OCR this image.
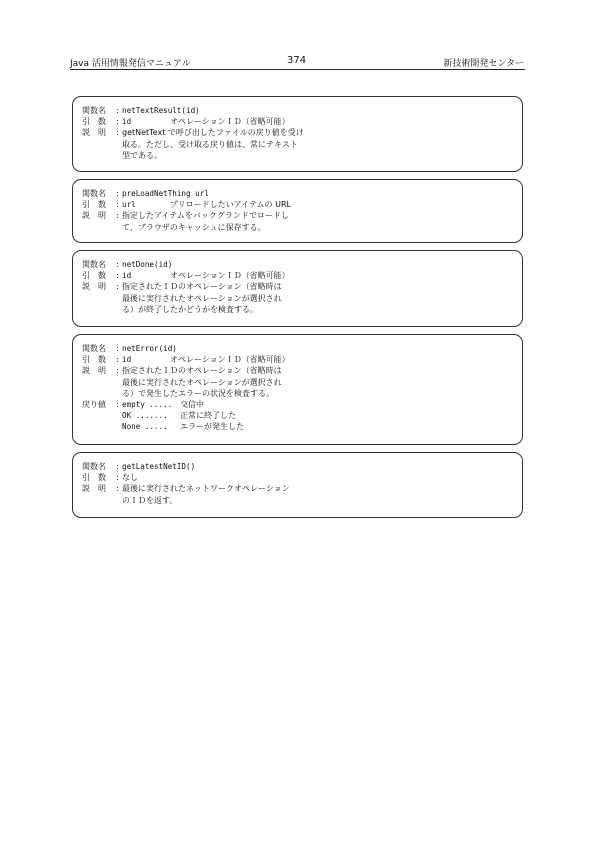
Java 活用情報発信マニュアル	374	新技術開発センター
関数名	: netTextResult(id)
引　数	: id	オペレーションＩＤ（省略可能）
説　明	: getNetText で呼び出したファイルの戻り値を受け
取る。ただし、受け取る戻り値は、常にテキスト
型である。
関数名	: preLoadNetThing url
引　数	: url	プリロードしたいアイテムの URL
説　明	: 指定したアイテムをバックグランドでロードし
て、ブラウザのキャッシュに保存する。
関数名	: netDone(id)
引　数	: id	オペレーションＩＤ（省略可能）
説　明	: 指定されたＩＤのオペレーション（省略時は
最後に実行されたオペレーションが選択され
る）が終了したかどうかを検査する。
関数名	: netError(id)
引　数	: id	オペレーションＩＤ（省略可能）
説　明	: 指定されたＩＤのオペレーション（省略時は
最後に実行されたオペレーションが選択され
る）で発生したエラーの状況を検査する。
戻り値	: empty ..... 交信中
OK .......	正常に終了した
None .....	エラーが発生した
関数名	: getLatestNetID()
引　数	: なし
説　明	: 最後に実行されたネットワークオペレーション
のＩＤを返す。
